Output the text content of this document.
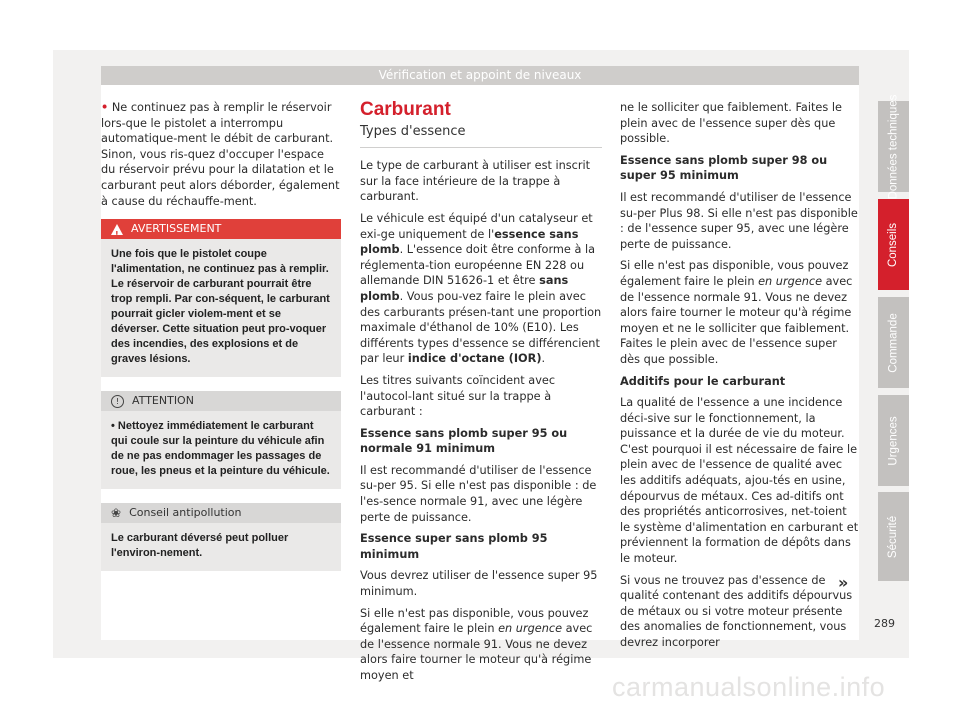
Vérification et appoint de niveaux

• Ne continuez pas à remplir le réservoir lors-que le pistolet a interrompu automatique-ment le débit de carburant. Sinon, vous ris-quez d'occuper l'espace du réservoir prévu pour la dilatation et le carburant peut alors déborder, également à cause du réchauffe-ment.

!
AVERTISSEMENT
Une fois que le pistolet coupe l'alimentation, ne continuez pas à remplir. Le réservoir de carburant pourrait être trop rempli. Par con-séquent, le carburant pourrait gicler violem-ment et se déverser. Cette situation peut pro-voquer des incendies, des explosions et de graves lésions.
!	ATTENTION
• Nettoyez immédiatement le carburant qui coule sur la peinture du véhicule afin de ne pas endommager les passages de roue, les pneus et la peinture du véhicule.
❀ Conseil antipollution
Le carburant déversé peut polluer l'environ-nement.
Carburant
Types d'essence

Le type de carburant à utiliser est inscrit sur la face intérieure de la trappe à carburant.

Le véhicule est équipé d'un catalyseur et exi-ge uniquement de l'essence sans plomb. L'essence doit être conforme à la réglementa-tion européenne EN 228 ou allemande DIN 51626-1 et être sans plomb. Vous pou-vez faire le plein avec des carburants présen-tant une proportion maximale d'éthanol de 10% (E10). Les différents types d'essence se différencient par leur indice d'octane (IOR).

Les titres suivants coïncident avec l'autocol-lant situé sur la trappe à carburant :

Essence sans plomb super 95 ou normale 91 minimum

Il est recommandé d'utiliser de l'essence su-per 95. Si elle n'est pas disponible : de l'es-sence normale 91, avec une légère perte de puissance.

Essence super sans plomb 95 minimum

Vous devrez utiliser de l'essence super 95 minimum.

Si elle n'est pas disponible, vous pouvez également faire le plein en urgence avec de l'essence normale 91. Vous ne devez alors faire tourner le moteur qu'à régime moyen et

ne le solliciter que faiblement. Faites le plein avec de l'essence super dès que possible.

Essence sans plomb super 98 ou super 95 minimum

Il est recommandé d'utiliser de l'essence su-per Plus 98. Si elle n'est pas disponible : de l'essence super 95, avec une légère perte de puissance.

Si elle n'est pas disponible, vous pouvez également faire le plein en urgence avec de l'essence normale 91. Vous ne devez alors faire tourner le moteur qu'à régime moyen et ne le solliciter que faiblement. Faites le plein avec de l'essence super dès que possible.

Additifs pour le carburant

La qualité de l'essence a une incidence déci-sive sur le fonctionnement, la puissance et la durée de vie du moteur. C'est pourquoi il est nécessaire de faire le plein avec de l'essence de qualité avec les additifs adéquats, ajou-tés en usine, dépourvus de métaux. Ces ad-ditifs ont des propriétés anticorrosives, net-toient le système d'alimentation en carburant et préviennent la formation de dépôts dans le moteur.

Si vous ne trouvez pas d'essence de qualité contenant des additifs dépourvus de métaux ou si votre moteur présente des anomalies de fonctionnement, vous devrez incorporer

»
Données techniques
Conseils
Commande
Urgences
Sécurité
289
carmanualsonline.info
